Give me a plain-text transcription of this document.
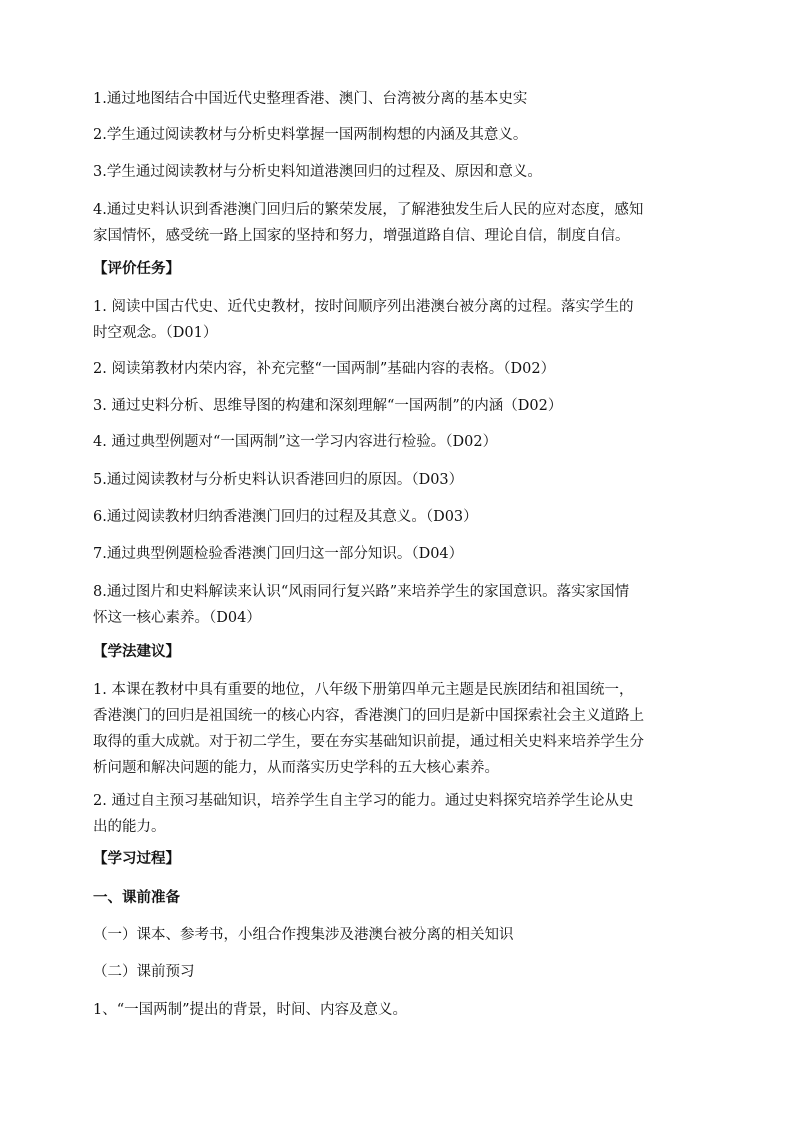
1.通过地图结合中国近代史整理香港、澳门、台湾被分离的基本史实

2.学生通过阅读教材与分析史料掌握一国两制构想的内涵及其意义。

3.学生通过阅读教材与分析史料知道港澳回归的过程及、原因和意义。

4.通过史料认识到香港澳门回归后的繁荣发展，了解港独发生后人民的应对态度，感知
家国情怀，感受统一路上国家的坚持和努力，增强道路自信、理论自信，制度自信。

【评价任务】

1. 阅读中国古代史、近代史教材，按时间顺序列出港澳台被分离的过程。落实学生的
时空观念。（D01）

2. 阅读第教材内荣内容，补充完整“一国两制”基础内容的表格。（D02）

3. 通过史料分析、思维导图的构建和深刻理解“一国两制”的内涵（D02）

4. 通过典型例题对“一国两制”这一学习内容进行检验。（D02）

5.通过阅读教材与分析史料认识香港回归的原因。（D03）

6.通过阅读教材归纳香港澳门回归的过程及其意义。（D03）

7.通过典型例题检验香港澳门回归这一部分知识。（D04）

8.通过图片和史料解读来认识“风雨同行复兴路”来培养学生的家国意识。落实家国情
怀这一核心素养。（D04）

【学法建议】

1. 本课在教材中具有重要的地位，八年级下册第四单元主题是民族团结和祖国统一，
香港澳门的回归是祖国统一的核心内容，香港澳门的回归是新中国探索社会主义道路上
取得的重大成就。对于初二学生，要在夯实基础知识前提，通过相关史料来培养学生分
析问题和解决问题的能力，从而落实历史学科的五大核心素养。

2. 通过自主预习基础知识，培养学生自主学习的能力。通过史料探究培养学生论从史
出的能力。

【学习过程】

一、课前准备

（一）课本、参考书，小组合作搜集涉及港澳台被分离的相关知识

（二）课前预习

1、“一国两制”提出的背景，时间、内容及意义。
